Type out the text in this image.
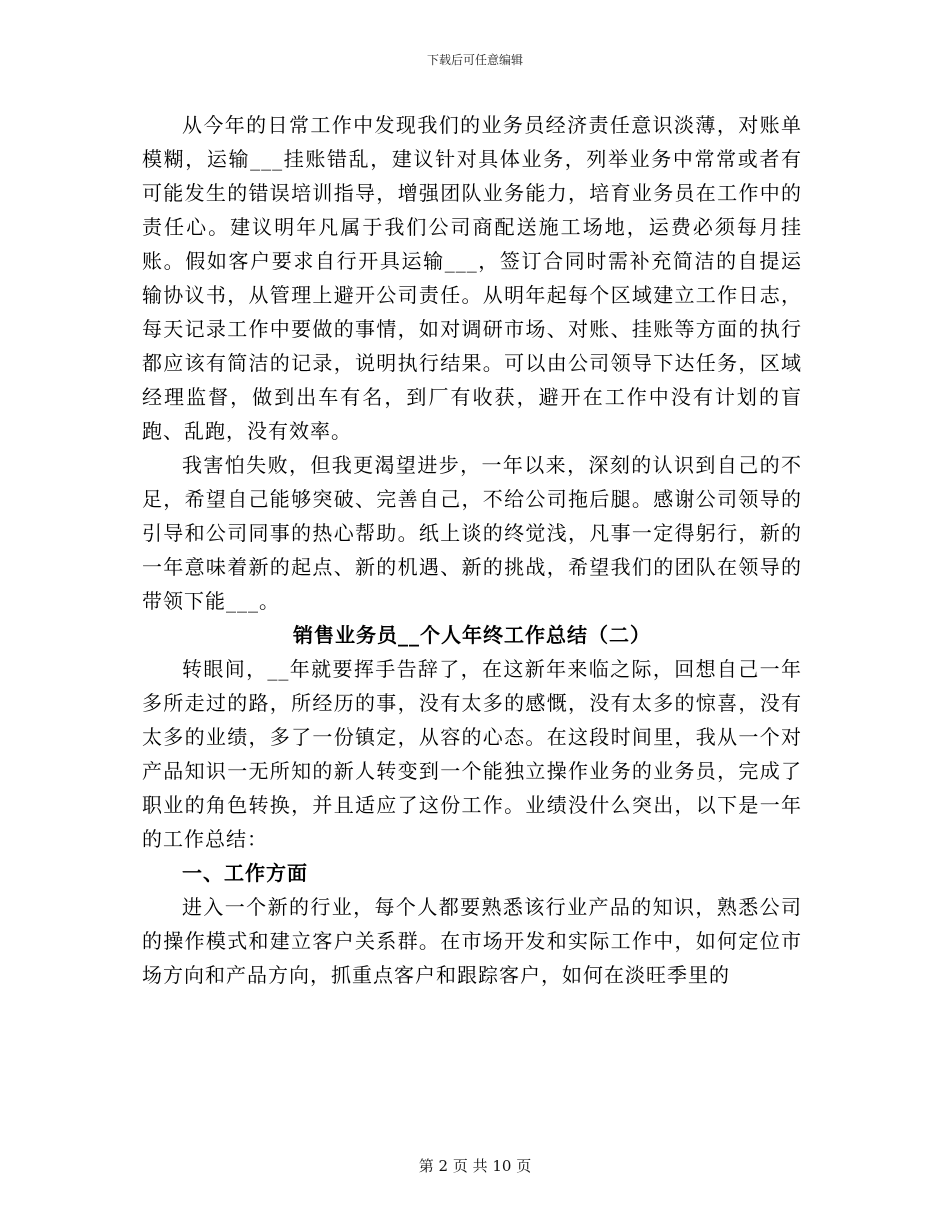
下载后可任意编辑

从今年的日常工作中发现我们的业务员经济责任意识淡薄，对账单模糊，运输___挂账错乱，建议针对具体业务，列举业务中常常或者有可能发生的错误培训指导，增强团队业务能力，培育业务员在工作中的责任心。建议明年凡属于我们公司商配送施工场地，运费必须每月挂账。假如客户要求自行开具运输___，签订合同时需补充简洁的自提运输协议书，从管理上避开公司责任。从明年起每个区域建立工作日志，每天记录工作中要做的事情，如对调研市场、对账、挂账等方面的执行都应该有简洁的记录，说明执行结果。可以由公司领导下达任务，区域经理监督，做到出车有名，到厂有收获，避开在工作中没有计划的盲跑、乱跑，没有效率。

我害怕失败，但我更渴望进步，一年以来，深刻的认识到自己的不足，希望自己能够突破、完善自己，不给公司拖后腿。感谢公司领导的引导和公司同事的热心帮助。纸上谈的终觉浅，凡事一定得躬行，新的一年意味着新的起点、新的机遇、新的挑战，希望我们的团队在领导的带领下能___。

销售业务员__个人年终工作总结（二）

转眼间，__年就要挥手告辞了，在这新年来临之际，回想自己一年多所走过的路，所经历的事，没有太多的感慨，没有太多的惊喜，没有太多的业绩，多了一份镇定，从容的心态。在这段时间里，我从一个对产品知识一无所知的新人转变到一个能独立操作业务的业务员，完成了职业的角色转换，并且适应了这份工作。业绩没什么突出，以下是一年的工作总结：

一、工作方面

进入一个新的行业，每个人都要熟悉该行业产品的知识，熟悉公司的操作模式和建立客户关系群。在市场开发和实际工作中，如何定位市场方向和产品方向，抓重点客户和跟踪客户，如何在淡旺季里的

第 2 页 共 10 页
